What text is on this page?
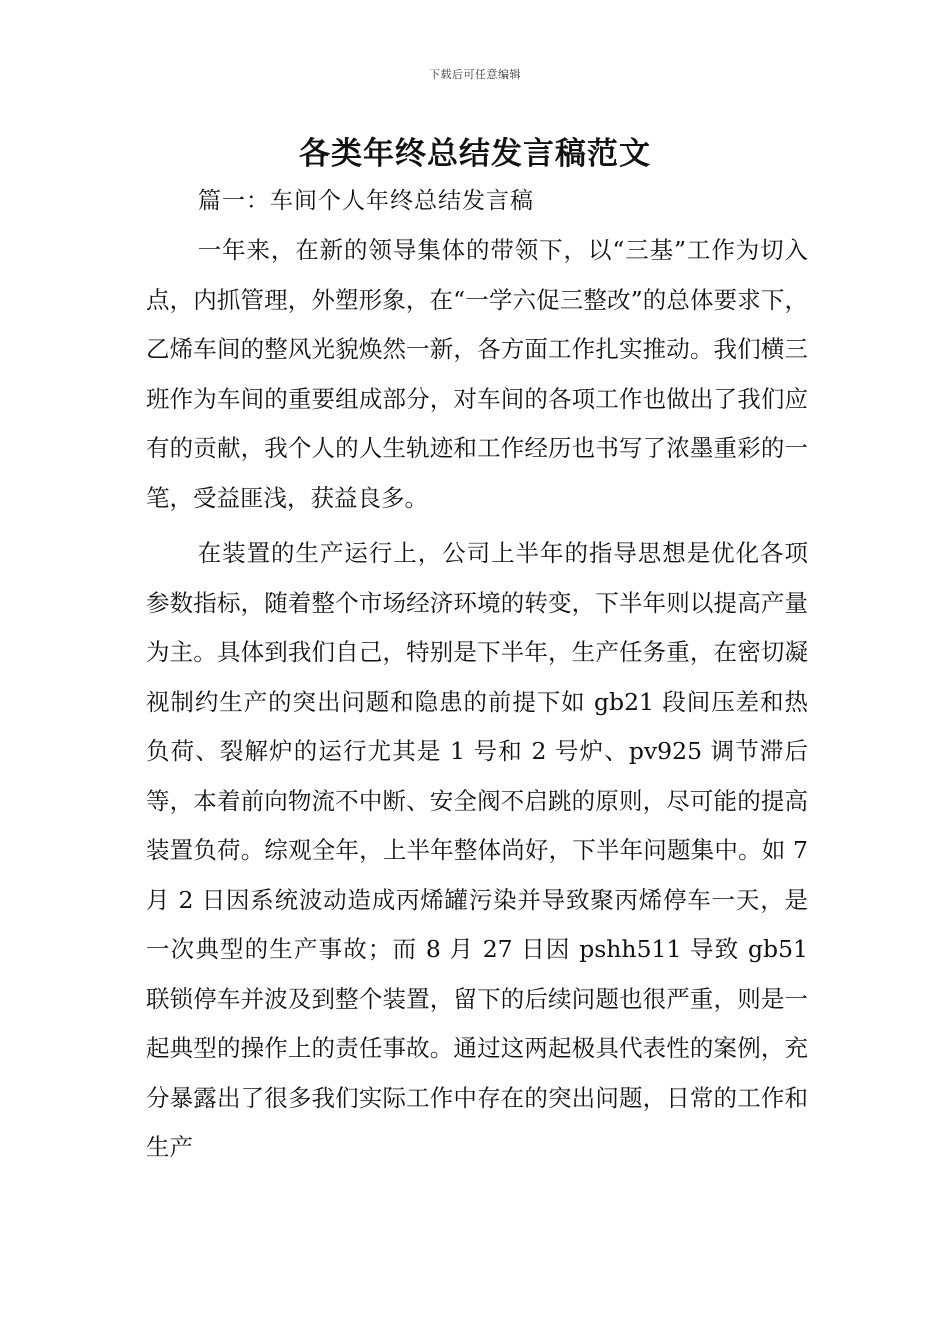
下载后可任意编辑
各类年终总结发言稿范文
篇一：车间个人年终总结发言稿

一年来，在新的领导集体的带领下，以“三基”工作为切入点，内抓管理，外塑形象，在“一学六促三整改”的总体要求下，乙烯车间的整风光貌焕然一新，各方面工作扎实推动。我们横三班作为车间的重要组成部分，对车间的各项工作也做出了我们应有的贡献，我个人的人生轨迹和工作经历也书写了浓墨重彩的一笔，受益匪浅，获益良多。

在装置的生产运行上，公司上半年的指导思想是优化各项参数指标，随着整个市场经济环境的转变，下半年则以提高产量为主。具体到我们自己，特别是下半年，生产任务重，在密切凝视制约生产的突出问题和隐患的前提下如 gb21 段间压差和热负荷、裂解炉的运行尤其是 1 号和 2 号炉、pv925 调节滞后等，本着前向物流不中断、安全阀不启跳的原则，尽可能的提高装置负荷。综观全年，上半年整体尚好，下半年问题集中。如 7 月 2 日因系统波动造成丙烯罐污染并导致聚丙烯停车一天，是一次典型的生产事故；而 8 月 27 日因 pshh511 导致 gb51 联锁停车并波及到整个装置，留下的后续问题也很严重，则是一起典型的操作上的责任事故。通过这两起极具代表性的案例，充分暴露出了很多我们实际工作中存在的突出问题，日常的工作和生产
